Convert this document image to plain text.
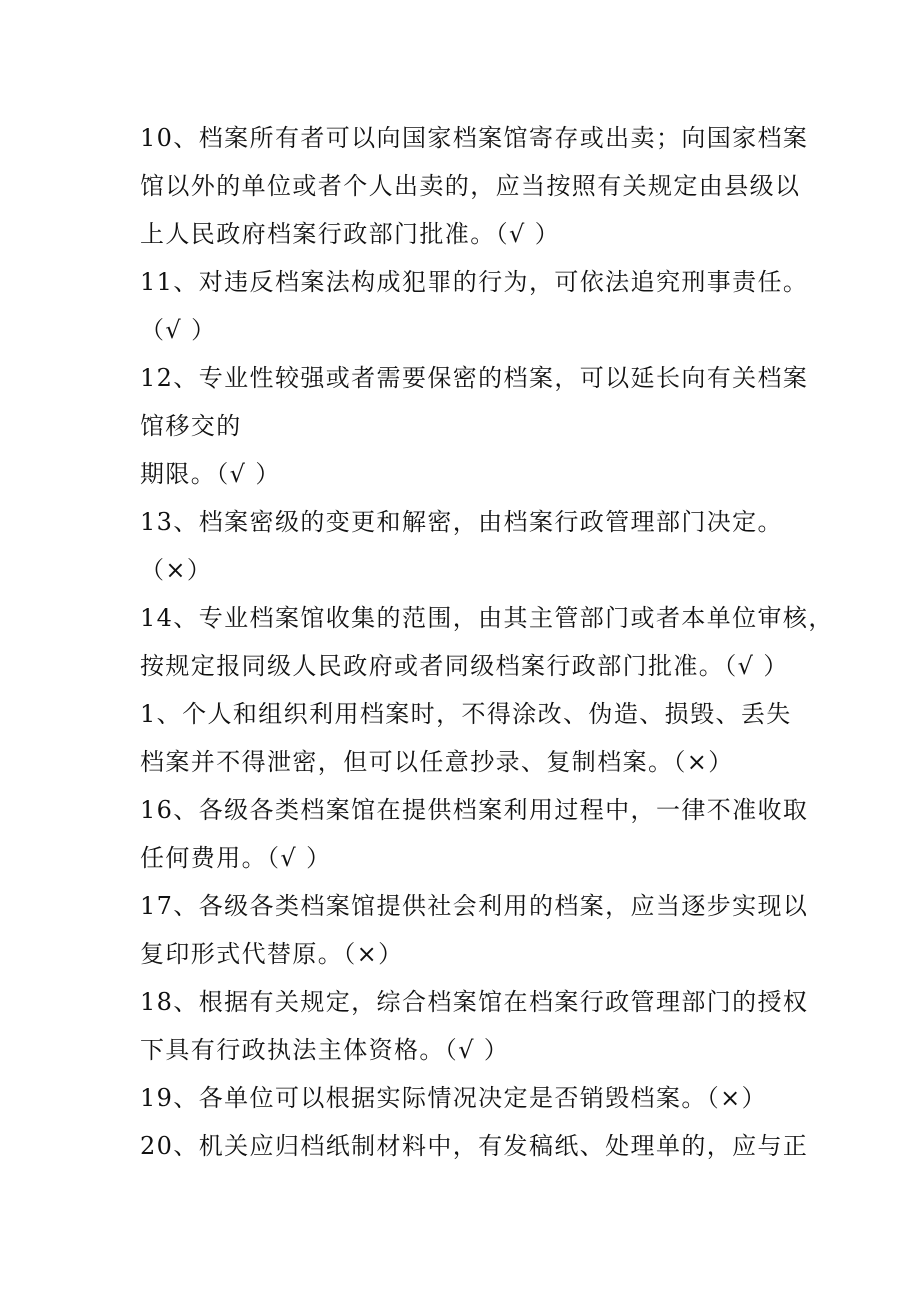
10、档案所有者可以向国家档案馆寄存或出卖；向国家档案
馆以外的单位或者个人出卖的，应当按照有关规定由县级以
上人民政府档案行政部门批准。（√ ）
11、对违反档案法构成犯罪的行为，可依法追究刑事责任。
（√ ）
12、专业性较强或者需要保密的档案，可以延长向有关档案
馆移交的
期限。（√ ）
13、档案密级的变更和解密，由档案行政管理部门决定。
（×）
14、专业档案馆收集的范围，由其主管部门或者本单位审核，
按规定报同级人民政府或者同级档案行政部门批准。（√ ）
1、个人和组织利用档案时，不得涂改、伪造、损毁、丢失
档案并不得泄密，但可以任意抄录、复制档案。（×）
16、各级各类档案馆在提供档案利用过程中，一律不准收取
任何费用。（√ ）
17、各级各类档案馆提供社会利用的档案，应当逐步实现以
复印形式代替原。（×）
18、根据有关规定，综合档案馆在档案行政管理部门的授权
下具有行政执法主体资格。（√ ）
19、各单位可以根据实际情况决定是否销毁档案。（×）
20、机关应归档纸制材料中，有发稿纸、处理单的，应与正
